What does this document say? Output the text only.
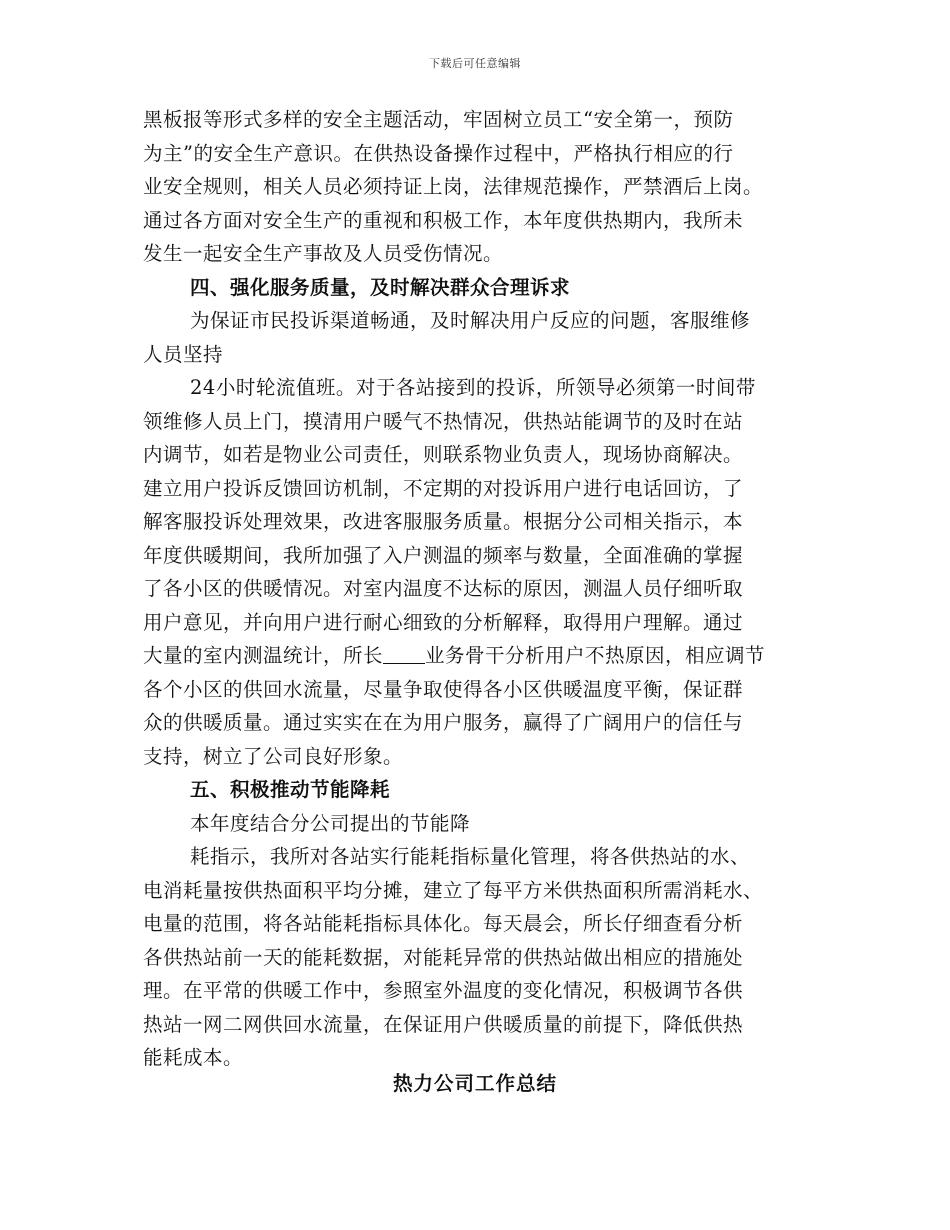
下载后可任意编辑
黑板报等形式多样的安全主题活动，牢固树立员工“安全第一，预防
为主”的安全生产意识。在供热设备操作过程中，严格执行相应的行
业安全规则，相关人员必须持证上岗，法律规范操作，严禁酒后上岗。
通过各方面对安全生产的重视和积极工作，本年度供热期内，我所未
发生一起安全生产事故及人员受伤情况。
四、强化服务质量，及时解决群众合理诉求
为保证市民投诉渠道畅通，及时解决用户反应的问题，客服维修
人员坚持
24小时轮流值班。对于各站接到的投诉，所领导必须第一时间带
领维修人员上门，摸清用户暖气不热情况，供热站能调节的及时在站
内调节，如若是物业公司责任，则联系物业负责人，现场协商解决。
建立用户投诉反馈回访机制，不定期的对投诉用户进行电话回访，了
解客服投诉处理效果，改进客服服务质量。根据分公司相关指示，本
年度供暖期间，我所加强了入户测温的频率与数量，全面准确的掌握
了各小区的供暖情况。对室内温度不达标的原因，测温人员仔细听取
用户意见，并向用户进行耐心细致的分析解释，取得用户理解。通过
大量的室内测温统计，所长 业务骨干分析用户不热原因，相应调节
各个小区的供回水流量，尽量争取使得各小区供暖温度平衡，保证群
众的供暖质量。通过实实在在为用户服务，赢得了广阔用户的信任与
支持，树立了公司良好形象。
五、积极推动节能降耗
本年度结合分公司提出的节能降
耗指示，我所对各站实行能耗指标量化管理，将各供热站的水、
电消耗量按供热面积平均分摊，建立了每平方米供热面积所需消耗水、
电量的范围，将各站能耗指标具体化。每天晨会，所长仔细查看分析
各供热站前一天的能耗数据，对能耗异常的供热站做出相应的措施处
理。在平常的供暖工作中，参照室外温度的变化情况，积极调节各供
热站一网二网供回水流量，在保证用户供暖质量的前提下，降低供热
能耗成本。
热力公司工作总结
